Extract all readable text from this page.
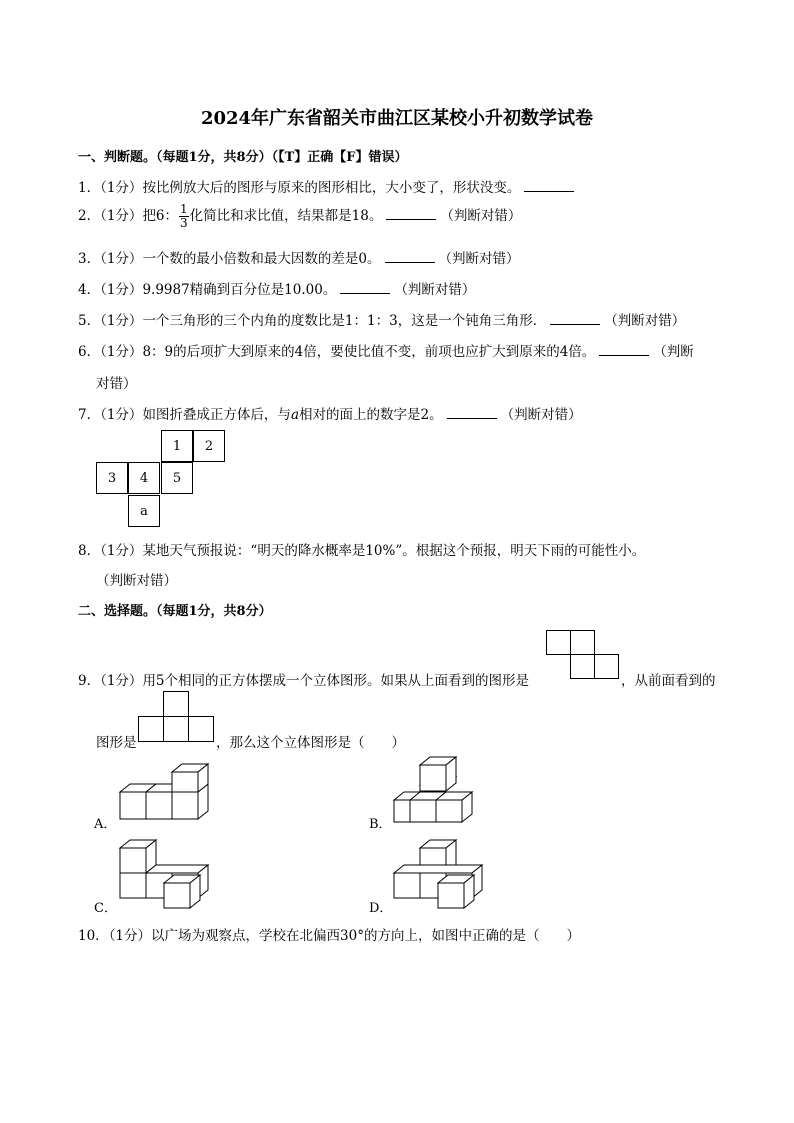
2024年广东省韶关市曲江区某校小升初数学试卷
一、判断题。（每题1分，共8分）（【T】正确【F】错误）
1．（1分）按比例放大后的图形与原来的图形相比，大小变了，形状没变。
2．（1分）把6： $\frac{1}{3}$ 化简比和求比值，结果都是18。	（判断对错）
3．（1分）一个数的最小倍数和最大因数的差是0。	（判断对错）
4．（1分）9.9987精确到百分位是10.00。	（判断对错）
5．（1分）一个三角形的三个内角的度数比是1：1：3，这是一个钝角三角形．	（判断对错）
6．（1分）8：9的后项扩大到原来的4倍，要使比值不变，前项也应扩大到原来的4倍。	（判断
对错）
7．（1分）如图折叠成正方体后，与a相对的面上的数字是2。	（判断对错）
1	2
3	4	5
a
8．（1分）某地天气预报说：“明天的降水概率是10%”。根据这个预报，明天下雨的可能性小。
（判断对错）
二、选择题。（每题1分，共8分）
9．（1分）用5个相同的正方体摆成一个立体图形。如果从上面看到的图形是	，从前面看到的
图形是	，那么这个立体图形是（　　）
A．	B．
C．	D．
10．（1分）以广场为观察点，学校在北偏西30°的方向上，如图中正确的是（　　）
